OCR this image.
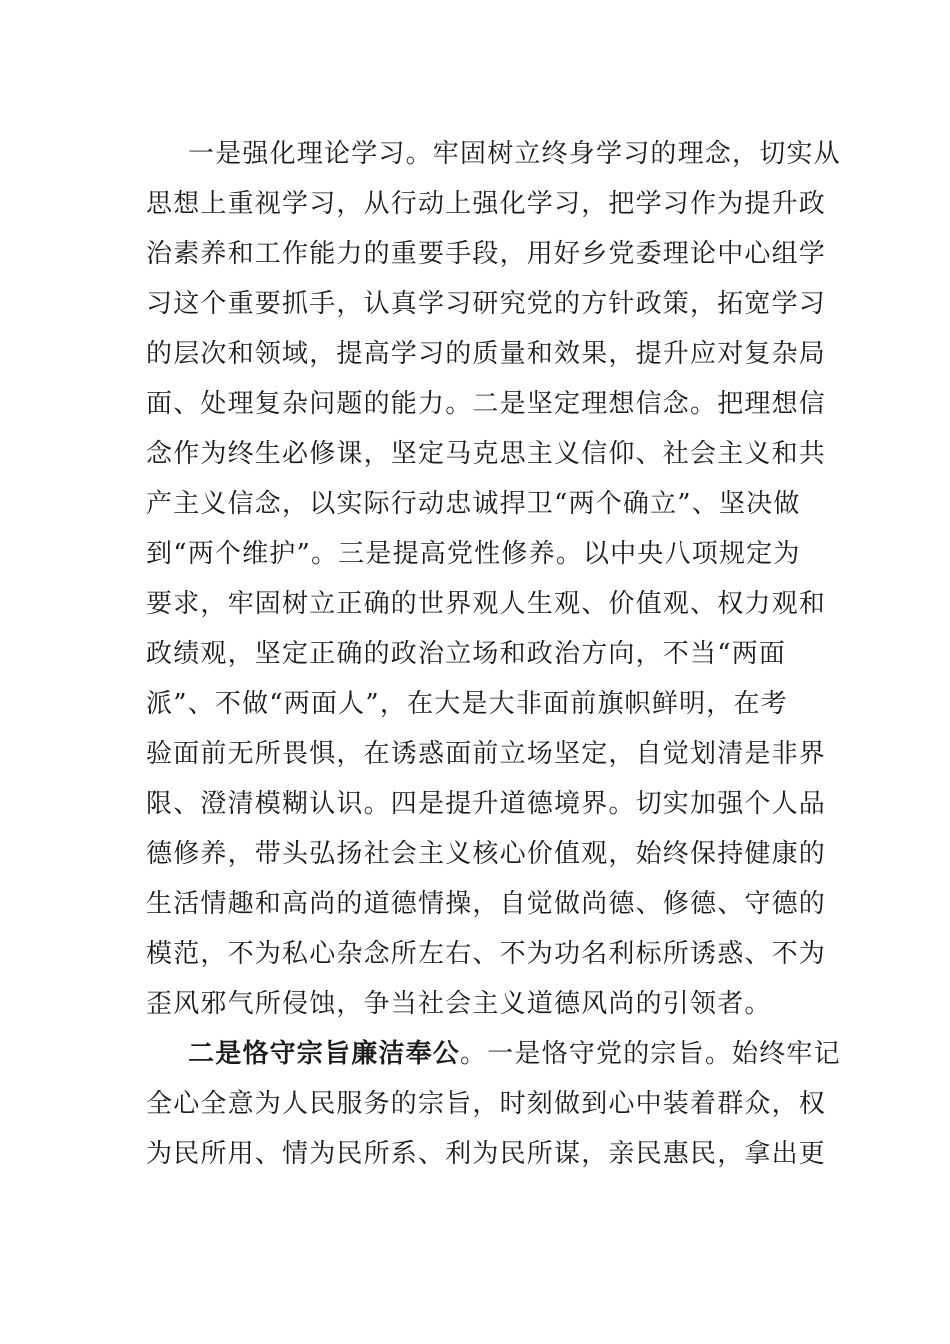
一是强化理论学习。牢固树立终身学习的理念，切实从
思想上重视学习，从行动上强化学习，把学习作为提升政
治素养和工作能力的重要手段，用好乡党委理论中心组学
习这个重要抓手，认真学习研究党的方针政策，拓宽学习
的层次和领域，提高学习的质量和效果，提升应对复杂局
面、处理复杂问题的能力。二是坚定理想信念。把理想信
念作为终生必修课，坚定马克思主义信仰、社会主义和共
产主义信念，以实际行动忠诚捍卫“两个确立”、坚决做
到“两个维护”。三是提高党性修养。以中央八项规定为
要求，牢固树立正确的世界观人生观、价值观、权力观和
政绩观，坚定正确的政治立场和政治方向，不当“两面
派”、不做“两面人”，在大是大非面前旗帜鲜明，在考
验面前无所畏惧，在诱惑面前立场坚定，自觉划清是非界
限、澄清模糊认识。四是提升道德境界。切实加强个人品
德修养，带头弘扬社会主义核心价值观，始终保持健康的
生活情趣和高尚的道德情操，自觉做尚德、修德、守德的
模范，不为私心杂念所左右、不为功名利标所诱惑、不为
歪风邪气所侵蚀，争当社会主义道德风尚的引领者。
二是恪守宗旨廉洁奉公。一是恪守党的宗旨。始终牢记
全心全意为人民服务的宗旨，时刻做到心中装着群众，权
为民所用、情为民所系、利为民所谋，亲民惠民，拿出更
